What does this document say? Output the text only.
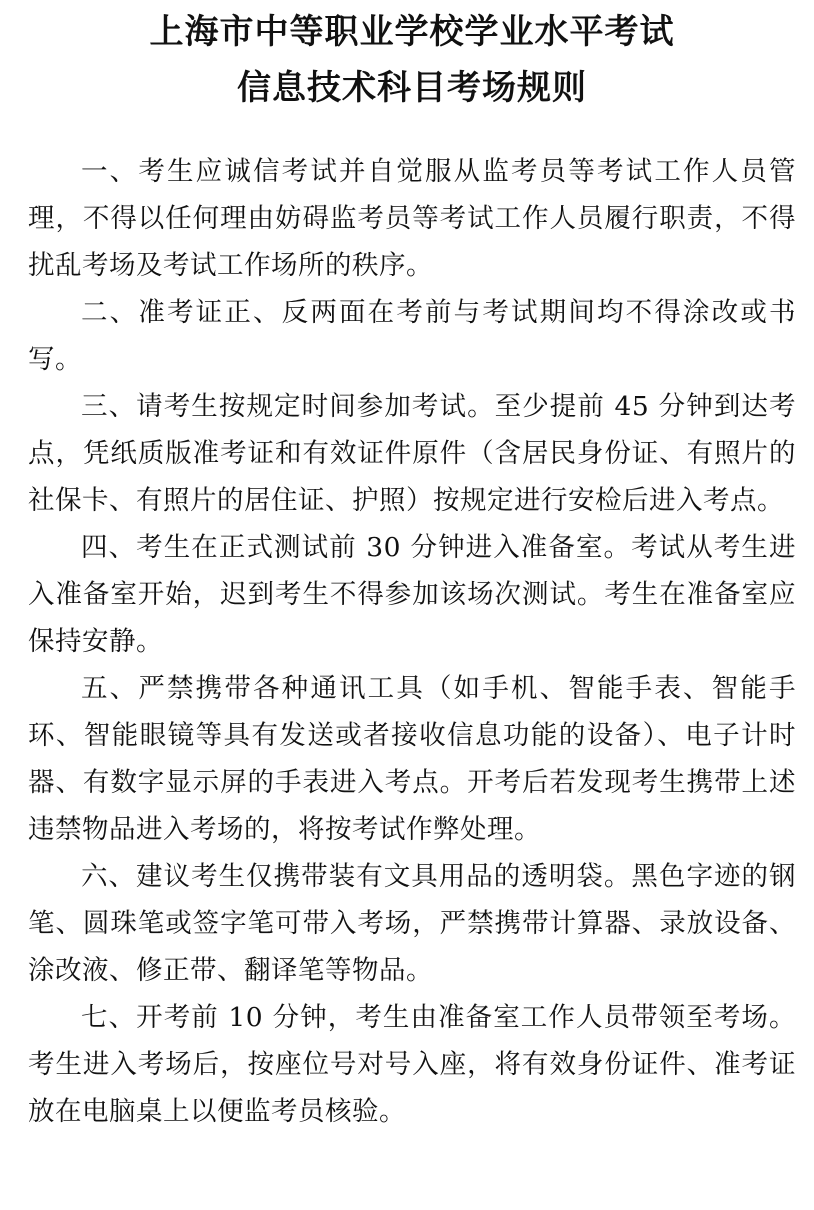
上海市中等职业学校学业水平考试
信息技术科目考场规则

一、考生应诚信考试并自觉服从监考员等考试工作人员管理，不得以任何理由妨碍监考员等考试工作人员履行职责，不得扰乱考场及考试工作场所的秩序。

二、准考证正、反两面在考前与考试期间均不得涂改或书写。

三、请考生按规定时间参加考试。至少提前 45 分钟到达考点，凭纸质版准考证和有效证件原件（含居民身份证、有照片的社保卡、有照片的居住证、护照）按规定进行安检后进入考点。

四、考生在正式测试前 30 分钟进入准备室。考试从考生进入准备室开始，迟到考生不得参加该场次测试。考生在准备室应保持安静。

五、严禁携带各种通讯工具（如手机、智能手表、智能手环、智能眼镜等具有发送或者接收信息功能的设备）、电子计时器、有数字显示屏的手表进入考点。开考后若发现考生携带上述违禁物品进入考场的，将按考试作弊处理。

六、建议考生仅携带装有文具用品的透明袋。黑色字迹的钢笔、圆珠笔或签字笔可带入考场，严禁携带计算器、录放设备、涂改液、修正带、翻译笔等物品。

七、开考前 10 分钟，考生由准备室工作人员带领至考场。考生进入考场后，按座位号对号入座，将有效身份证件、准考证放在电脑桌上以便监考员核验。
